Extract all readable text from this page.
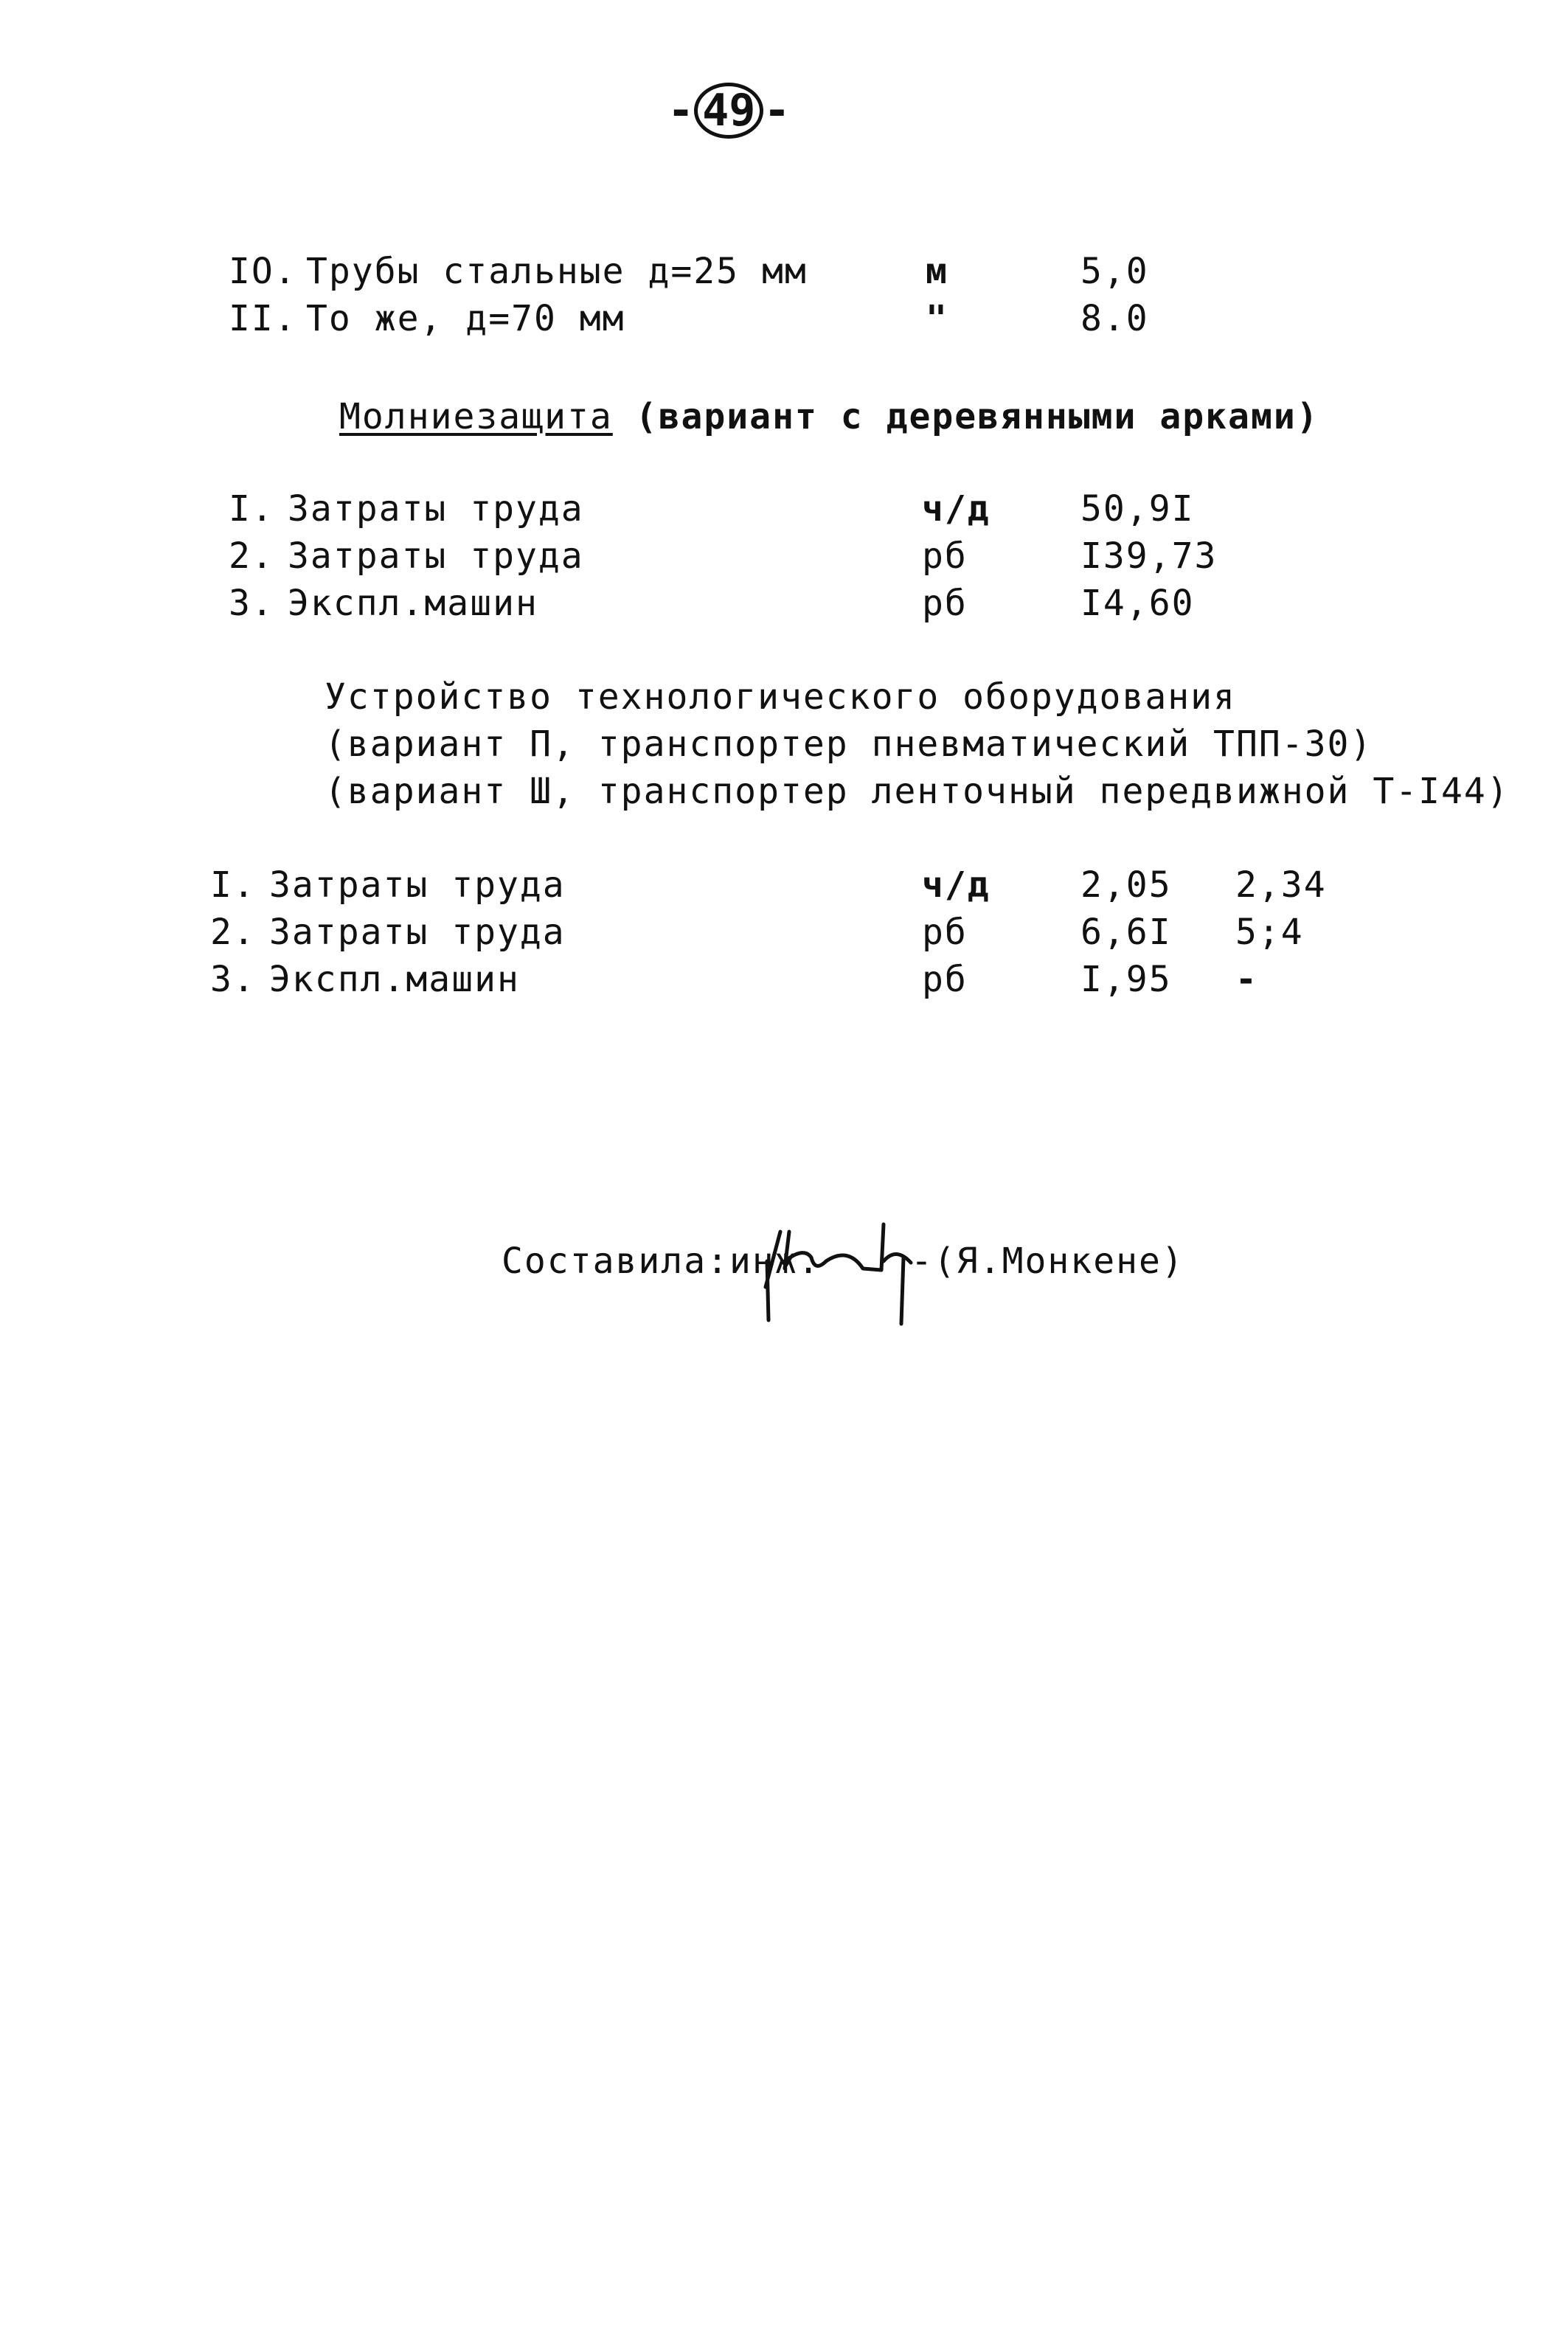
- 49 -
IO. Трубы стальные д=25 мм	м	5,0
II. То же, д=70 мм	"	8.0
Молниезащита (вариант с деревянными арками)
I. Затраты труда	ч/д	50,9I
2. Затраты труда	рб	I39,73
3. Экспл.машин	рб	I4,60
Устройство технологического оборудования
(вариант П, транспортер пневматический ТПП-30)
(вариант Ш, транспортер ленточный передвижной Т-I44)
I. Затраты труда	ч/д	2,05 2,34
2. Затраты труда	рб	6,6I 5;4
3. Экспл.машин	рб	I,95 -
Составила:инж.	-(Я.Монкене)
